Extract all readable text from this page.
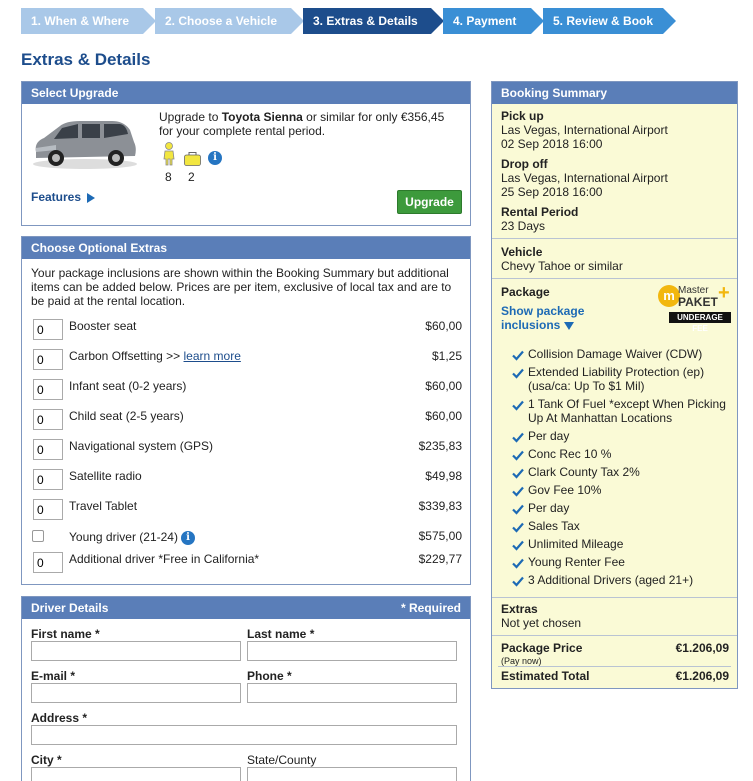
1. When & Where	2. Choose a Vehicle	3. Extras & Details	4. Payment	5. Review & Book
Extras & Details
Select Upgrade
Upgrade to Toyota Sienna or similar for only €356,45 for your complete rental period.
8 2
i
Features	Upgrade
Choose Optional Extras
Your package inclusions are shown within the Booking Summary but additional items can be added below. Prices are per item, exclusive of local tax and are to be paid at the rental location.
0
Booster seat	$60,00
0
Carbon Offsetting >> learn more	$1,25
0
Infant seat (0-2 years)	$60,00
0
Child seat (2-5 years)	$60,00
0
Navigational system (GPS)	$235,83
0
Satellite radio	$49,98
0
Travel Tablet	$339,83
Young driver (21-24) i	$575,00
0
Additional driver *Free in California*	$229,77
Driver Details	* Required
First name *	Last name *
E-mail *	Phone *
Address *
City *	State/County
Booking Summary
Pick up
Las Vegas, International Airport
02 Sep 2018 16:00
Drop off
Las Vegas, International Airport
25 Sep 2018 16:00
Rental Period
23 Days
Vehicle
Chevy Tahoe or similar
Package
Show package
inclusions
m Master
PAKET +
UNDERAGE FEE
Collision Damage Waiver (CDW)
Extended Liability Protection (ep) (usa/ca: Up To $1 Mil)
1 Tank Of Fuel *except When Picking Up At Manhattan Locations
Per day
Conc Rec 10 %
Clark County Tax 2%
Gov Fee 10%
Per day
Sales Tax
Unlimited Mileage
Young Renter Fee
3 Additional Drivers (aged 21+)
Extras
Not yet chosen
Package Price	€1.206,09
(Pay now)
Estimated Total	€1.206,09
